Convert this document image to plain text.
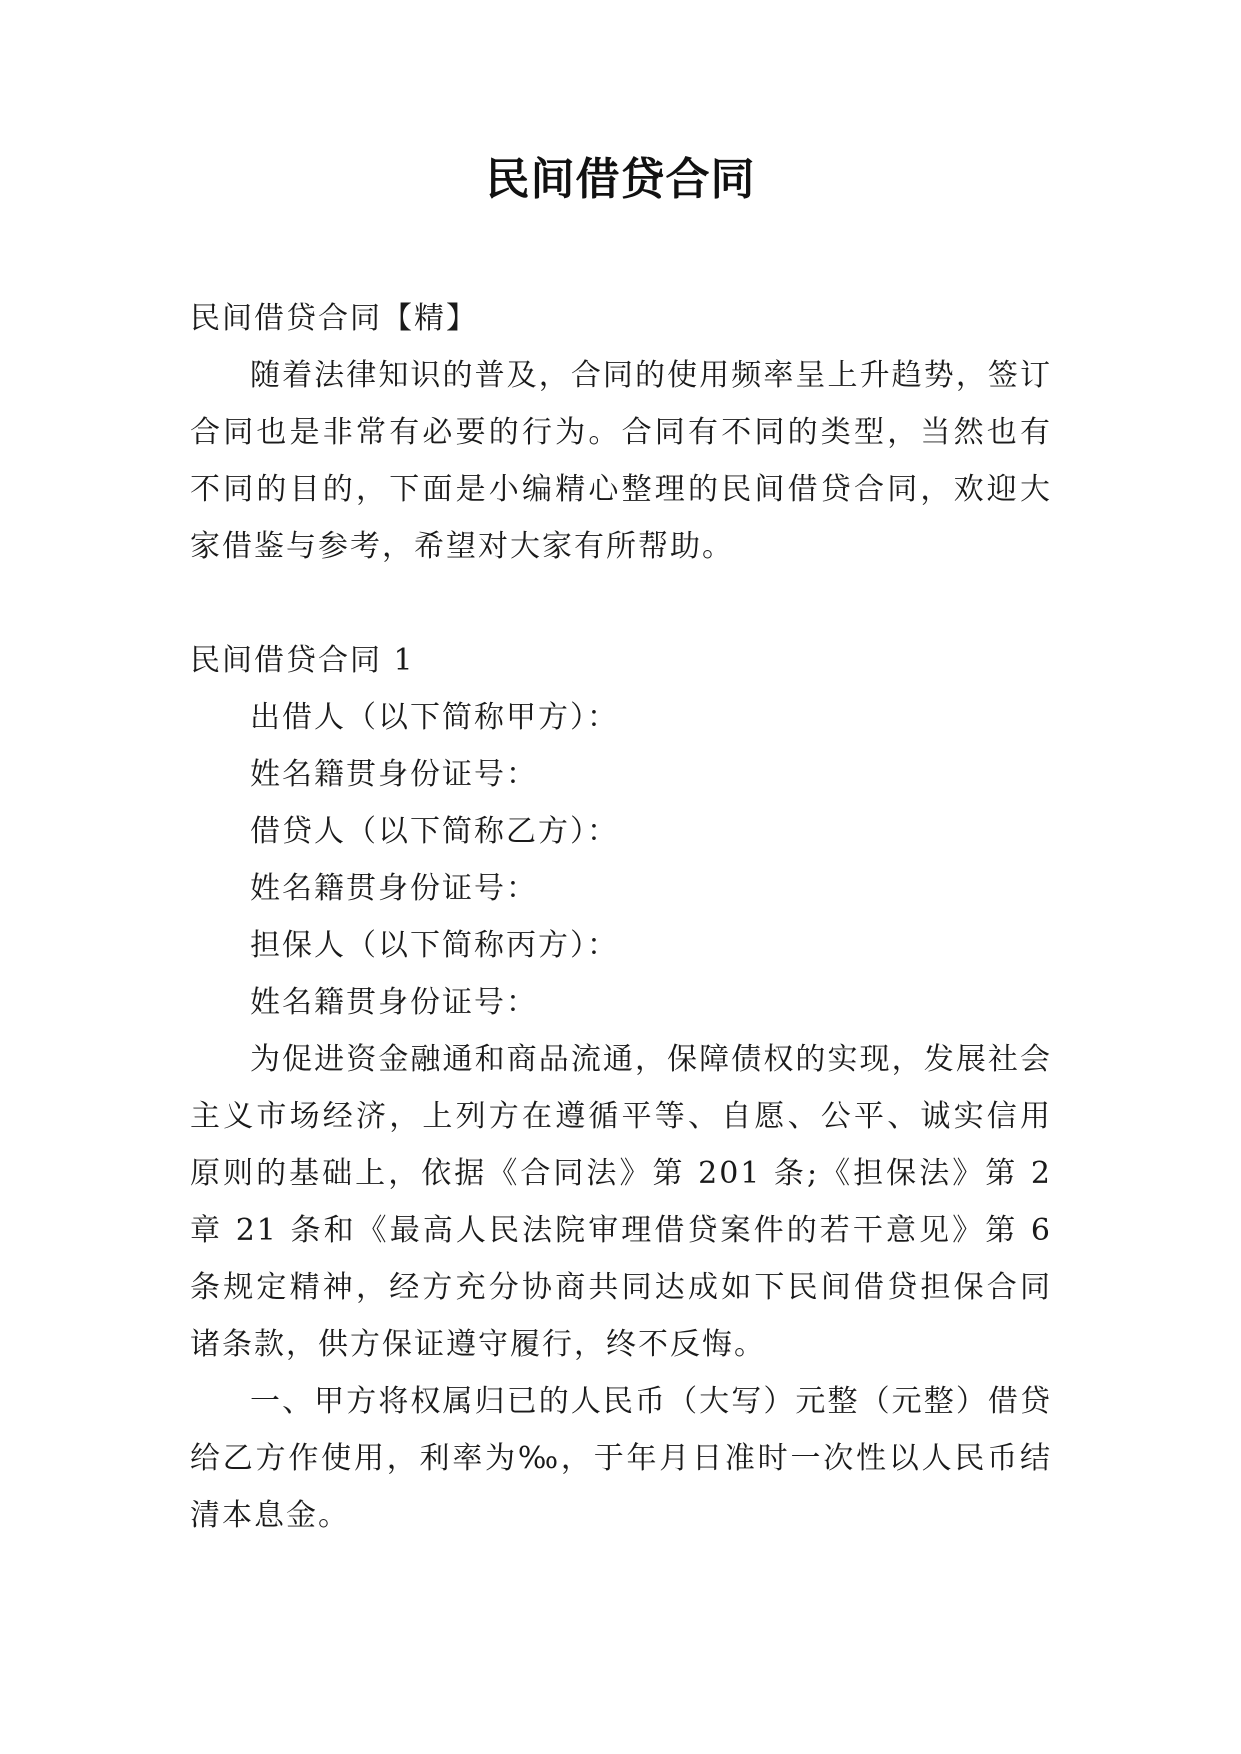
民间借贷合同

民间借贷合同【精】

随着法律知识的普及，合同的使用频率呈上升趋势，签订合同也是非常有必要的行为。合同有不同的类型，当然也有不同的目的，下面是小编精心整理的民间借贷合同，欢迎大家借鉴与参考，希望对大家有所帮助。

民间借贷合同 1

出借人（以下简称甲方）：

姓名籍贯身份证号：

借贷人（以下简称乙方）：

姓名籍贯身份证号：

担保人（以下简称丙方）：

姓名籍贯身份证号：

为促进资金融通和商品流通，保障债权的实现，发展社会主义市场经济，上列方在遵循平等、自愿、公平、诚实信用原则的基础上，依据《合同法》第 201 条;《担保法》第 2 章 21 条和《最高人民法院审理借贷案件的若干意见》第 6 条规定精神，经方充分协商共同达成如下民间借贷担保合同诸条款，供方保证遵守履行，终不反悔。

一、甲方将权属归已的人民币（大写）元整（元整）借贷给乙方作使用，利率为‰，于年月日准时一次性以人民币结清本息金。
